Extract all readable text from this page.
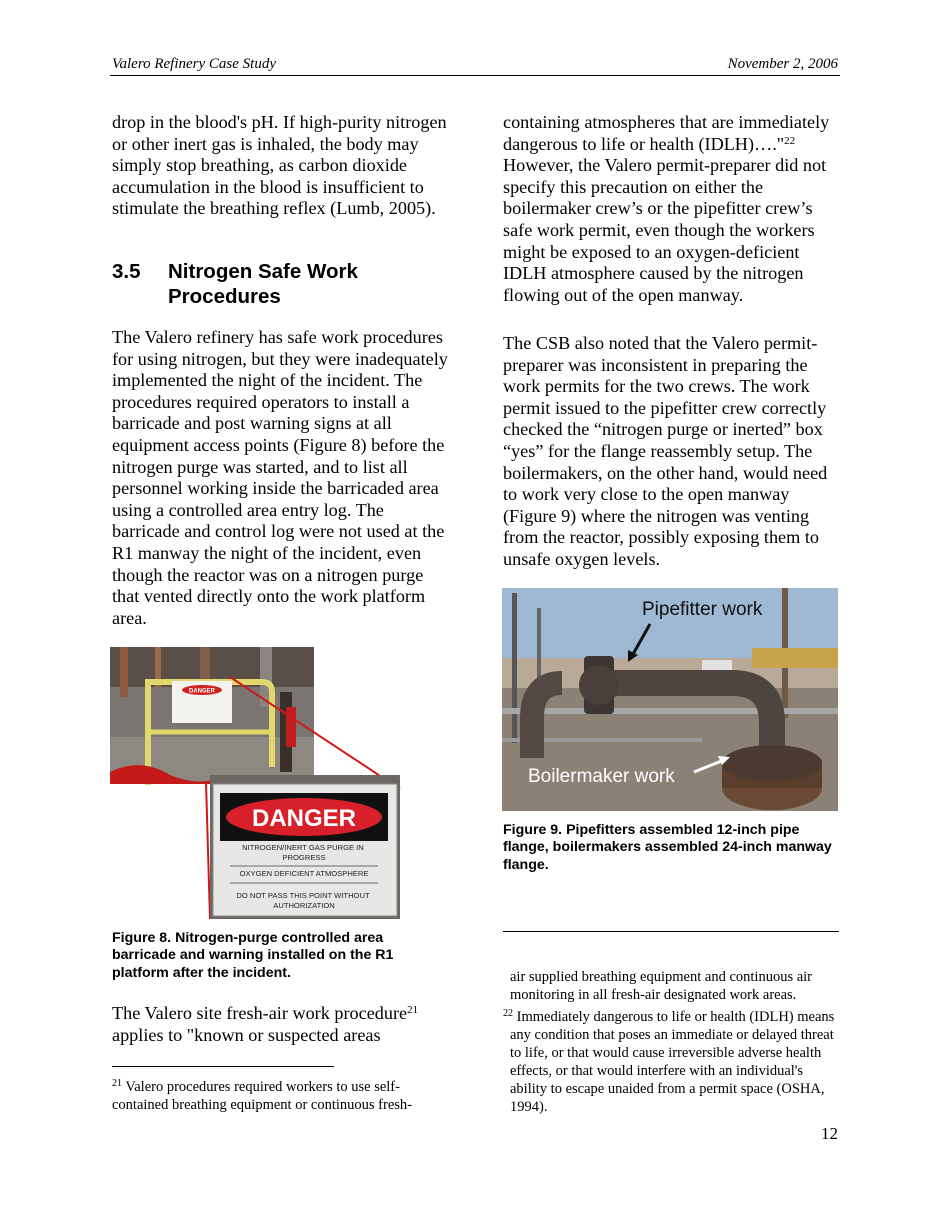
Valero Refinery Case Study	November 2, 2006

drop in the blood's pH. If high-purity nitrogen or other inert gas is inhaled, the body may simply stop breathing, as carbon dioxide accumulation in the blood is insufficient to stimulate the breathing reflex (Lumb, 2005).

3.5 Nitrogen Safe Work Procedures

The Valero refinery has safe work procedures for using nitrogen, but they were inadequately implemented the night of the incident. The procedures required operators to install a barricade and post warning signs at all equipment access points (Figure 8) before the nitrogen purge was started, and to list all personnel working inside the barricaded area using a controlled area entry log. The barricade and control log were not used at the R1 manway the night of the incident, even though the reactor was on a nitrogen purge that vented directly onto the work platform area.

DANGER
DANGER
NITROGEN/INERT GAS PURGE IN PROGRESS
OXYGEN DEFICIENT ATMOSPHERE
DO NOT PASS THIS POINT WITHOUT AUTHORIZATION
Figure 8. Nitrogen-purge controlled area barricade and warning installed on the R1 platform after the incident.

The Valero site fresh-air work procedure$^{21}$
applies to "known or suspected areas

$^{21}$ Valero procedures required workers to use self-contained breathing equipment or continuous fresh-

containing atmospheres that are immediately dangerous to life or health (IDLH)…."$^{22}$ However, the Valero permit-preparer did not specify this precaution on either the boilermaker crew’s or the pipefitter crew’s safe work permit, even though the workers might be exposed to an oxygen-deficient IDLH atmosphere caused by the nitrogen flowing out of the open manway.

The CSB also noted that the Valero permit-preparer was inconsistent in preparing the work permits for the two crews. The work permit issued to the pipefitter crew correctly checked the “nitrogen purge or inerted” box “yes” for the flange reassembly setup. The boilermakers, on the other hand, would need to work very close to the open manway (Figure 9) where the nitrogen was venting from the reactor, possibly exposing them to unsafe oxygen levels.

Pipefitter work
Boilermaker work
Figure 9. Pipefitters assembled 12-inch pipe flange, boilermakers assembled 24-inch manway flange.
air supplied breathing equipment and continuous air monitoring in all fresh-air designated work areas.
$^{22}$ Immediately dangerous to life or health (IDLH) means any condition that poses an immediate or delayed threat to life, or that would cause irreversible adverse health effects, or that would interfere with an individual's ability to escape unaided from a permit space (OSHA, 1994).
12
